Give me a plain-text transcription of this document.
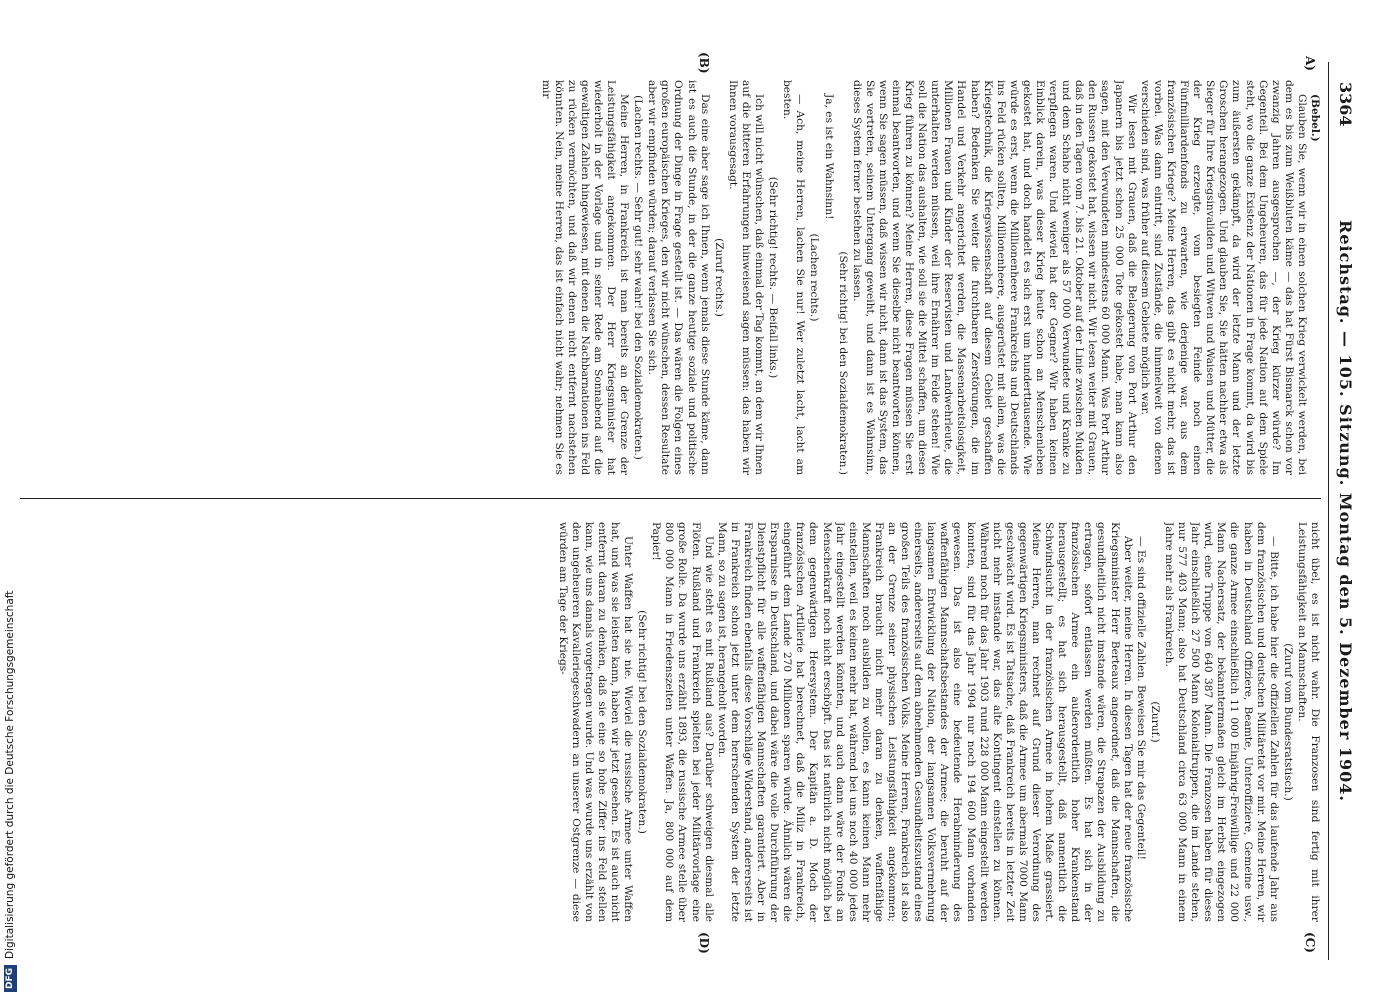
DFGDigitalisierung gefördert durch die Deutsche Forschungsgemeinschaft
3364
Reichstag. — 105. Sitzung. Montag den 5. Dezember 1904.
A)
(B)
(C)
(D)

(Bebel.)

Glauben Sie, wenn wir in einen solchen Krieg verwickelt werden, bei dem es bis zum Weißbluten käme — das hat Fürst Bismarck schon vor zwanzig Jahren ausgesprochen —, der Krieg kürzer würde? Im Gegenteil. Bei dem Ungeheuren, das für jede Nation auf dem Spiele steht, wo die ganze Existenz der Nationen in Frage kommt, da wird bis zum äußersten gekämpft, da wird der letzte Mann und der letzte Groschen herangezogen. Und glauben Sie, Sie hätten nachher etwa als Sieger für Ihre Kriegsinvaliden und Witwen und Waisen und Mütter, die der Krieg erzeugte, vom besiegten Feinde noch einen Fünfmilliardenfonds zu erwarten, wie derjenige war, aus dem französischen Kriege? Meine Herren, das gibt es nicht mehr, das ist vorbei. Was dann eintritt, sind Zustände, die himmelweit von denen verschieden sind, was früher auf diesem Gebiete möglich war.

Wir lesen mit Grauen, daß die Belagerung von Port Arthur den Japanern bis jetzt schon 25 000 Tote gekostet habe, man kann also sagen, mit den Verwundeten mindestens 60 000 Mann. Was Port Arthur den Russen gekostet hat, wissen wir nicht. Wir lesen weiter mit Grauen, daß in den Tagen vom 7. bis 21. Oktober auf der Linie zwischen Mukden und dem Schaho nicht weniger als 57 000 Verwundete und Kranke zu verpflegen waren. Und wieviel hat der Gegner? Wir haben keinen Einblick darein, was dieser Krieg heute schon an Menschenleben gekostet hat, und doch handelt es sich erst um hunderttausende. Wie würde es erst, wenn die Millionenheere Frankreichs und Deutschlands ins Feld rücken sollten, Millionenheere, ausgerüstet mit allem, was die Kriegstechnik, die Kriegswissenschaft auf diesem Gebiet geschaffen haben? Bedenken Sie weiter die furchtbaren Zerstörungen, die im Handel und Verkehr angerichtet werden, die Massenarbeitslosigkeit, Millionen Frauen und Kinder der Reservisten und Landwehrleute, die unterhalten werden müssen, weil ihre Ernährer im Felde stehen! Wie soll die Nation das aushalten, wie soll sie die Mittel schaffen, um diesen Krieg führen zu können? Meine Herren, diese Fragen müssen Sie erst einmal beantworten, und wenn Sie dieselbe nicht beantworten können, wenn Sie sagen müssen, daß wissen wir nicht, dann ist das System, das Sie vertreten, seinem Untergang geweiht, und dann ist es Wahnsinn, dieses System ferner bestehen zu lassen.

(Sehr richtig! bei den Sozialdemokraten.)

Ja, es ist ein Wahnsinn!

(Lachen rechts.)

— Ach, meine Herren, lachen Sie nur! Wer zuletzt lacht, lacht am besten.

(Sehr richtig! rechts. — Beifall links.)

Ich will nicht wünschen, daß einmal der Tag kommt, an dem wir Ihnen auf die bitteren Erfahrungen hinweisend sagen müssen: das haben wir Ihnen vorausgesagt.

(Zuruf rechts.)

Das eine aber sage ich Ihnen, wenn jemals diese Stunde käme, dann ist es auch die Stunde, in der die ganze heutige soziale und politische Ordnung der Dinge in Frage gestellt ist. — Das wären die Folgen eines großen europäischen Krieges, den wir nicht wünschen, dessen Resultate aber wir empfinden würden; darauf verlassen Sie sich.

(Lachen rechts. — Sehr gut! sehr wahr! bei den Sozialdemokraten.)

Meine Herren, in Frankreich ist man bereits an der Grenze der Leistungsfähigkeit angekommen. Der Herr Kriegsminister hat wiederholt in der Vorlage und in seiner Rede am Sonnabend auf die gewaltigen Zahlen hingewiesen, mit denen die Nachbarnationen ins Feld zu rücken vermöchten, und daß wir denen nicht entfernt nachstehen könnten. Nein, meine Herren, das ist einfach nicht wahr; nehmen Sie es mir

nicht übel, es ist nicht wahr. Die Franzosen sind fertig mit ihrer Leistungsfähigkeit an Mannschaften.

(Zuruf vom Bundesratstisch.)

— Bitte, ich habe hier die offiziellen Zahlen für das laufende Jahr aus dem französischen und deutschen Militäretat vor mir. Meine Herren, wir haben in Deutschland Offiziere, Beamte, Unteroffiziere, Gemeine usw., die ganze Armee einschließlich 11 000 Einjährig-Freiwillige und 22 000 Mann Nachersatz, der bekanntermaßen gleich im Herbst eingezogen wird, eine Truppe von 640 387 Mann. Die Franzosen haben für dieses Jahr einschließlich 27 500 Mann Kolonialtruppen, die im Lande stehen, nur 577 403 Mann; also hat Deutschland circa 63 000 Mann in einem Jahre mehr als Frankreich.

(Zuruf.)

— Es sind offizielle Zahlen. Beweisen Sie mir das Gegenteil!

Aber weiter, meine Herren. In diesen Tagen hat der neue französische Kriegsminister Herr Berteaux angeordnet, daß die Mannschaften, die gesundheitlich nicht imstande wären, die Strapazen der Ausbildung zu ertragen, sofort entlassen werden müßten. Es hat sich in der französischen Armee ein außerordentlich hoher Krankenstand herausgestellt; es hat sich herausgestellt, daß namentlich die Schwindsucht in der französischen Armee in hohem Maße grassiert. Meine Herren, man rechnet auf Grund dieser Verordnung des gegenwärtigen Kriegsministers, daß die Armee um abermals 7000 Mann geschwächt wird. Es ist Tatsache, daß Frankreich bereits in letzter Zeit nicht mehr imstande war, das alte Kontingent einstellen zu können. Während noch für das Jahr 1903 rund 228 000 Mann eingestellt werden konnten, sind für das Jahr 1904 nur noch 194 600 Mann vorhanden gewesen. Das ist also eine bedeutende Herabminderung des waffenfähigen Mannschaftsbestandes der Armee; die beruht auf der langsamen Entwicklung der Nation, der langsamen Volksvermehrung einerseits, andererseits auf dem abnehmenden Gesundheitszustand eines großen Teils des französischen Volks. Meine Herren, Frankreich ist also an der Grenze seiner physischen Leistungsfähigkeit angekommen; Frankreich braucht nicht mehr daran zu denken, waffenfähige Mannschaften noch ausbilden zu wollen, es kann keinen Mann mehr einstellen, weil es keinen mehr hat, während bei uns noch 40 000 jedes Jahr eingestellt werden könnten, und auch dann wäre der Fonds an Menschenkraft noch nicht erschöpft. Das ist natürlich nicht möglich bei dem gegenwärtigen Heersystem. Der Kapitän a. D. Moch der französischen Artillerie hat berechnet, daß die Miliz in Frankreich, eingeführt dem Lande 270 Millionen sparen würde. Ähnlich wären die Ersparnisse in Deutschland, und dabei wäre die volle Durchführung der Dienstpflicht für alle waffenfähigen Mannschaften garantiert. Aber in Frankreich finden ebenfalls diese Vorschläge Widerstand, andererseits ist in Frankreich schon jetzt unter dem herrschenden System der letzte Mann, so zu sagen ist, herangeholt worden.

Und wie steht es mit Rußland aus? Darüber schweigen diesmal alle Flöten. Rußland und Frankreich spielten bei jeder Militärvorlage eine große Rolle. Da wurde uns erzählt 1893, die russische Armee stelle über 800 000 Mann in Friedenszeiten unter Waffen. Ja, 800 000 auf dem Papier!

(Sehr richtig! bei den Sozialdemokraten.)

Unter Waffen hat sie nie. Wieviel die russische Armee unter Waffen hat, und was sie leisten kann, haben wir jetzt gesehen. Es ist auch nicht entfernt daran zu denken, daß sie eine so hohe Ziffer ins Feld stellen kann, wie uns damals vorgetragen wurde. Und was wurde uns erzählt von den ungeheueren Kavalleriegeschwadern an unserer Ostgrenze — diese würden am Tage der Kriegs-
